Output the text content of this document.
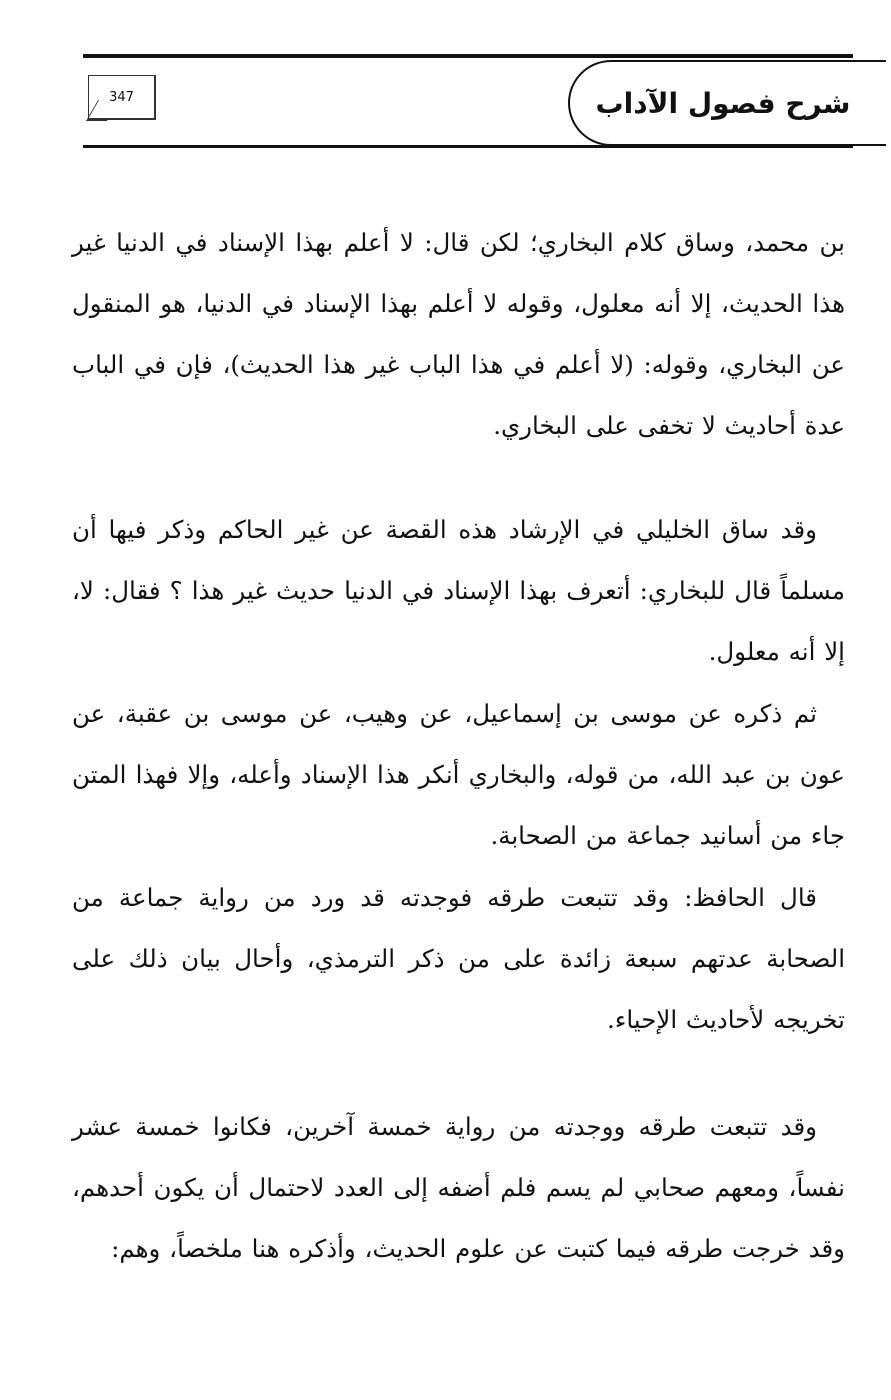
شرح فصول الآداب
347

بن محمد، وساق كلام البخاري؛ لكن قال: لا أعلم بهذا الإسناد في الدنيا غير هذا الحديث، إلا أنه معلول، وقوله لا أعلم بهذا الإسناد في الدنيا، هو المنقول عن البخاري، وقوله: (لا أعلم في هذا الباب غير هذا الحديث)، فإن في الباب عدة أحاديث لا تخفى على البخاري.

وقد ساق الخليلي في الإرشاد هذه القصة عن غير الحاكم وذكر فيها أن مسلماً قال للبخاري: أتعرف بهذا الإسناد في الدنيا حديث غير هذا ؟ فقال: لا، إلا أنه معلول.

ثم ذكره عن موسى بن إسماعيل، عن وهيب، عن موسى بن عقبة، عن عون بن عبد الله، من قوله، والبخاري أنكر هذا الإسناد وأعله، وإلا فهذا المتن جاء من أسانيد جماعة من الصحابة.

قال الحافظ: وقد تتبعت طرقه فوجدته قد ورد من رواية جماعة من الصحابة عدتهم سبعة زائدة على من ذكر الترمذي، وأحال بيان ذلك على تخريجه لأحاديث الإحياء.

وقد تتبعت طرقه ووجدته من رواية خمسة آخرين، فكانوا خمسة عشر نفساً، ومعهم صحابي لم يسم فلم أضفه إلى العدد لاحتمال أن يكون أحدهم، وقد خرجت طرقه فيما كتبت عن علوم الحديث، وأذكره هنا ملخصاً، وهم:
